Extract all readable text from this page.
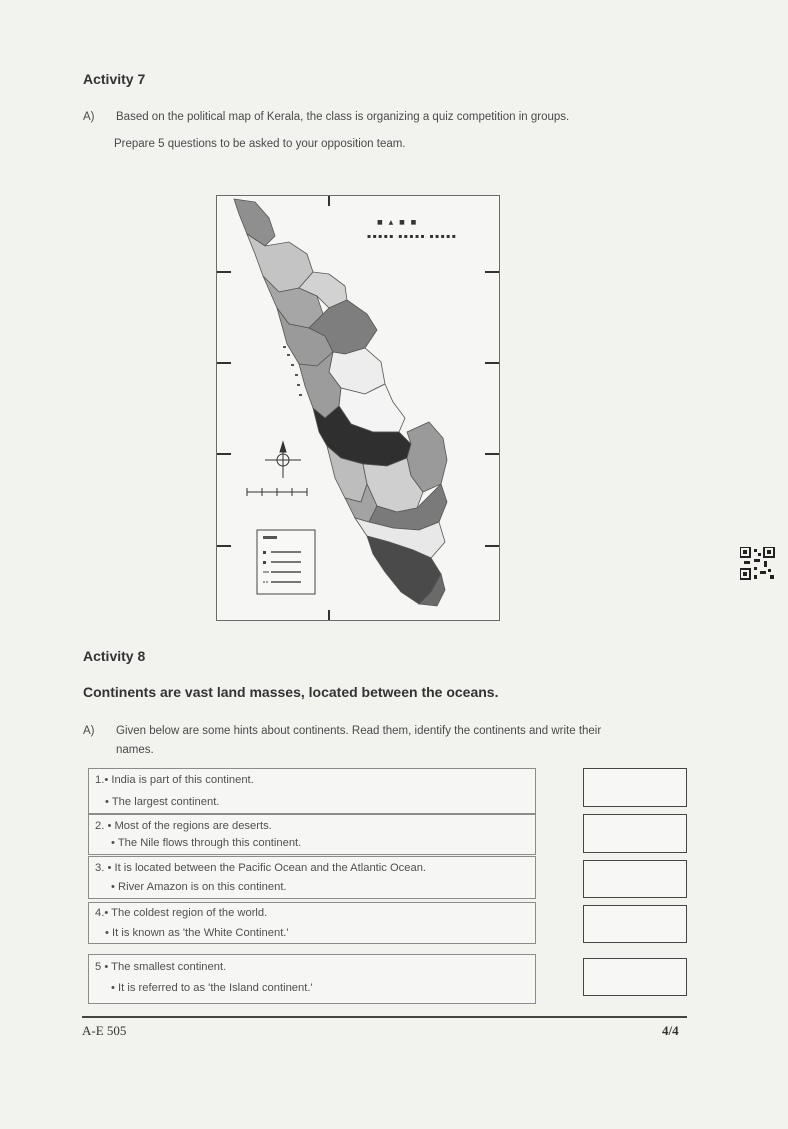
Activity 7
A) Based on the political map of Kerala, the class is organizing a quiz competition in groups.
Prepare 5 questions to be asked to your opposition team.
■ ▲ ■ ■
▪▪▪▪▪ ▪▪▪▪▪ ▪▪▪▪▪
Activity 8
Continents are vast land masses, located between the oceans.
A) Given below are some hints about continents. Read them, identify the continents and write their
names.
1.• India is part of this continent.
• The largest continent.
2. • Most of the regions are deserts.
• The Nile flows through this continent.
3. • It is located between the Pacific Ocean and the Atlantic Ocean.
• River Amazon is on this continent.
4.• The coldest region of the world.
• It is known as 'the White Continent.'
5 • The smallest continent.
• It is referred to as 'the Island continent.'
A-E 505	4/4
